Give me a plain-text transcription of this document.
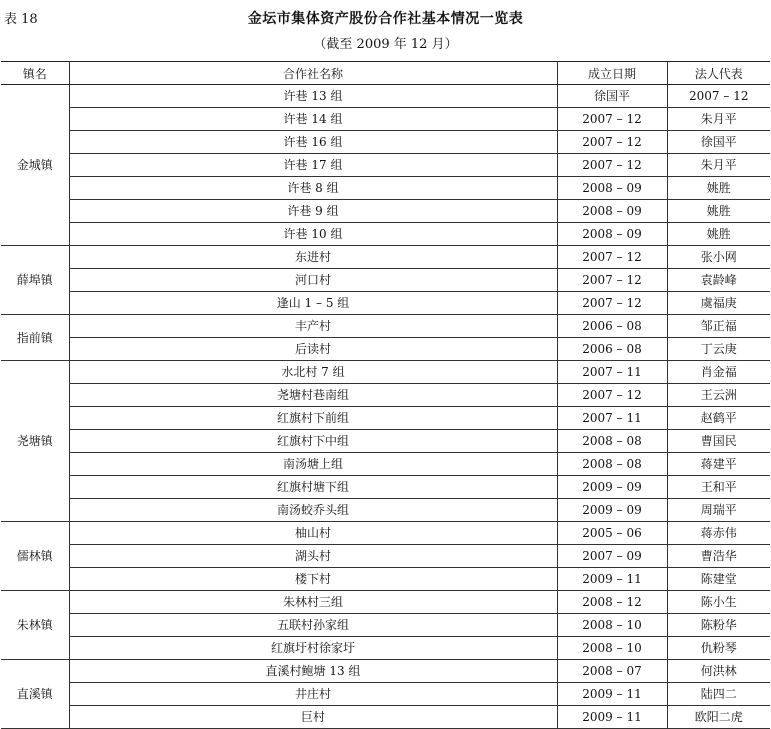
表 18	金坛市集体资产股份合作社基本情况一览表
（截至 2009 年 12 月）
镇名	合作社名称	成立日期	法人代表
金城镇	许巷 13 组	徐国平	2007 – 12
	许巷 14 组	2007 – 12	朱月平
	许巷 16 组	2007 – 12	徐国平
	许巷 17 组	2007 – 12	朱月平
	许巷 8 组	2008 – 09	姚胜
	许巷 9 组	2008 – 09	姚胜
	许巷 10 组	2008 – 09	姚胜
薛埠镇	东进村	2007 – 12	张小网
	河口村	2007 – 12	袁龄峰
	逢山 1 – 5 组	2007 – 12	虞福庚
指前镇	丰产村	2006 – 08	邹正福
	后读村	2006 – 08	丁云庚
尧塘镇	水北村 7 组	2007 – 11	肖金福
	尧塘村巷南组	2007 – 12	王云洲
	红旗村下前组	2007 – 11	赵鹤平
	红旗村下中组	2008 – 08	曹国民
	南汤塘上组	2008 – 08	蒋建平
	红旗村塘下组	2009 – 09	王和平
	南汤蛟乔头组	2009 – 09	周瑞平
儒林镇	柚山村	2005 – 06	蒋赤伟
	湖头村	2007 – 09	曹浩华
	楼下村	2009 – 11	陈建堂
朱林镇	朱林村三组	2008 – 12	陈小生
	五联村孙家组	2008 – 10	陈粉华
	红旗圩村徐家圩	2008 – 10	仇粉琴
直溪镇	直溪村鲍塘 13 组	2008 – 07	何洪林
	井庄村	2009 – 11	陆四二
	巨村	2009 – 11	欧阳二虎
